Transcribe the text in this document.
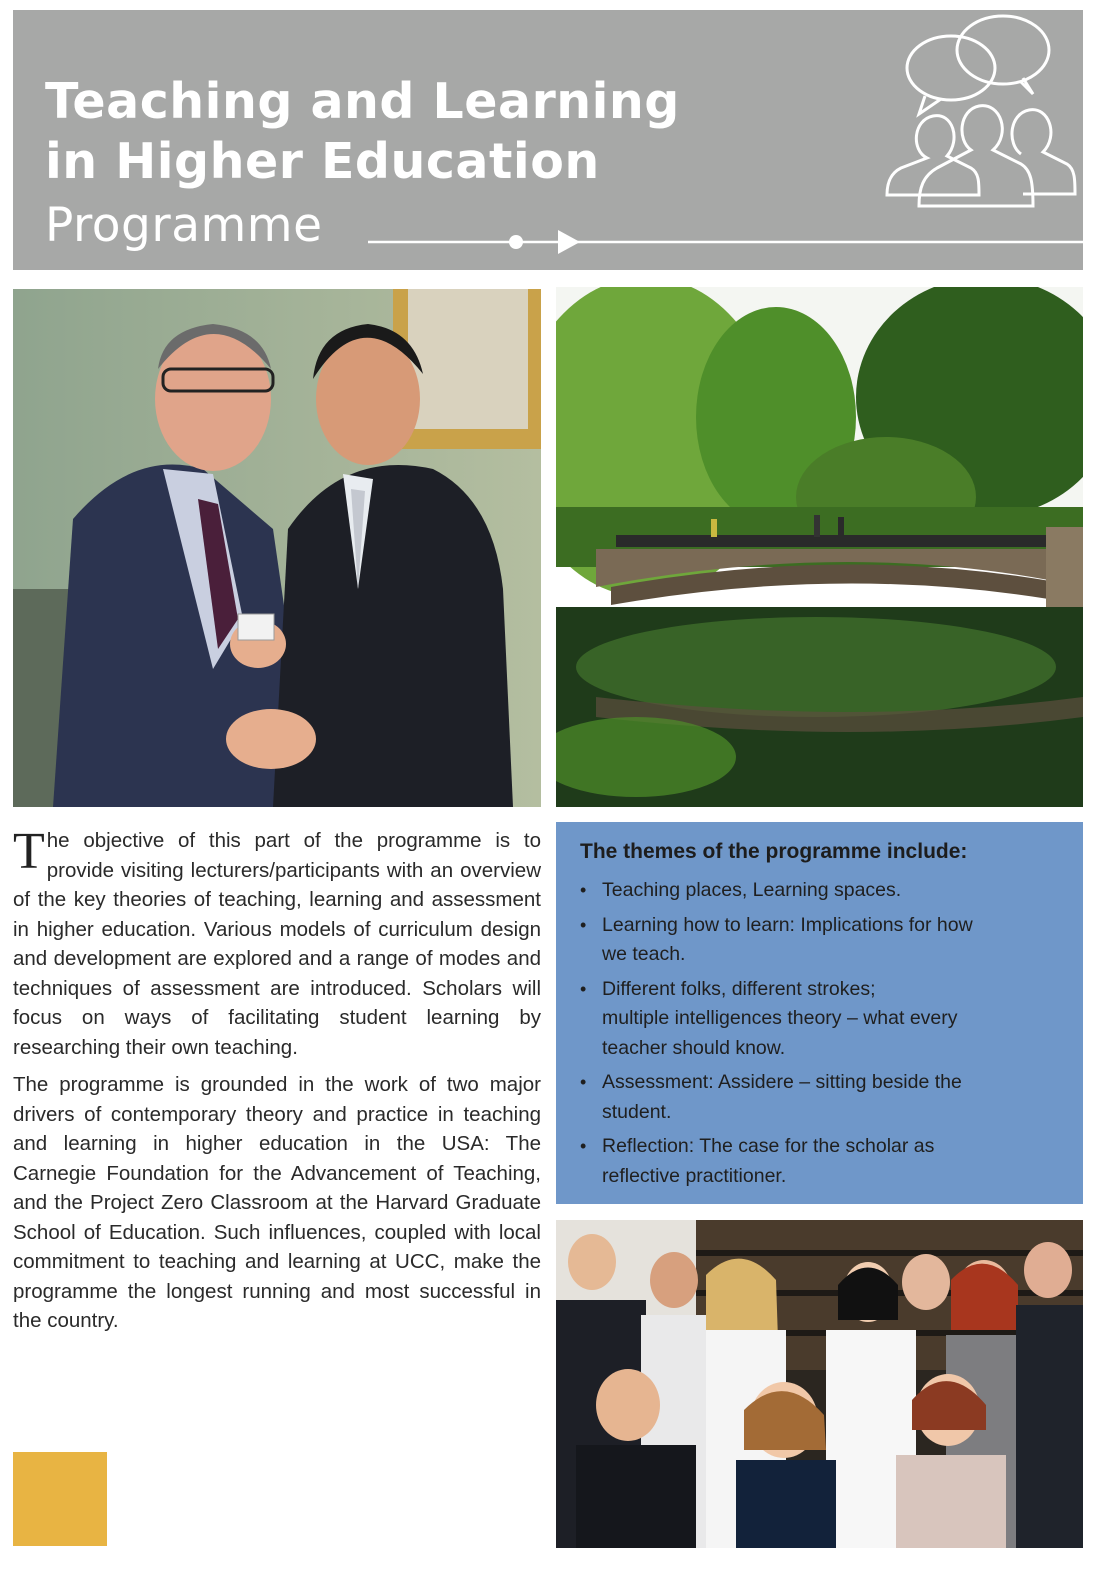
Teaching and Learning
in Higher Education
Programme

The objective of this part of the programme is to provide visiting lecturers/participants with an overview of the key theories of teaching, learning and assessment in higher education. Various models of curriculum design and development are explored and a range of modes and techniques of assessment are introduced. Scholars will focus on ways of facilitating student learning by researching their own teaching.

The programme is grounded in the work of two major drivers of contemporary theory and practice in teaching and learning in higher education in the USA: The Carnegie Foundation for the Advancement of Teaching, and the Project Zero Classroom at the Harvard Graduate School of Education. Such influences, coupled with local commitment to teaching and learning at UCC, make the programme the longest running and most successful in the country.

The themes of the programme include:
• Teaching places, Learning spaces.
• Learning how to learn: Implications for how
we teach.
• Different folks, different strokes;
multiple intelligences theory – what every
teacher should know.
• Assessment: Assidere – sitting beside the
student.
• Reflection: The case for the scholar as
reflective practitioner.
